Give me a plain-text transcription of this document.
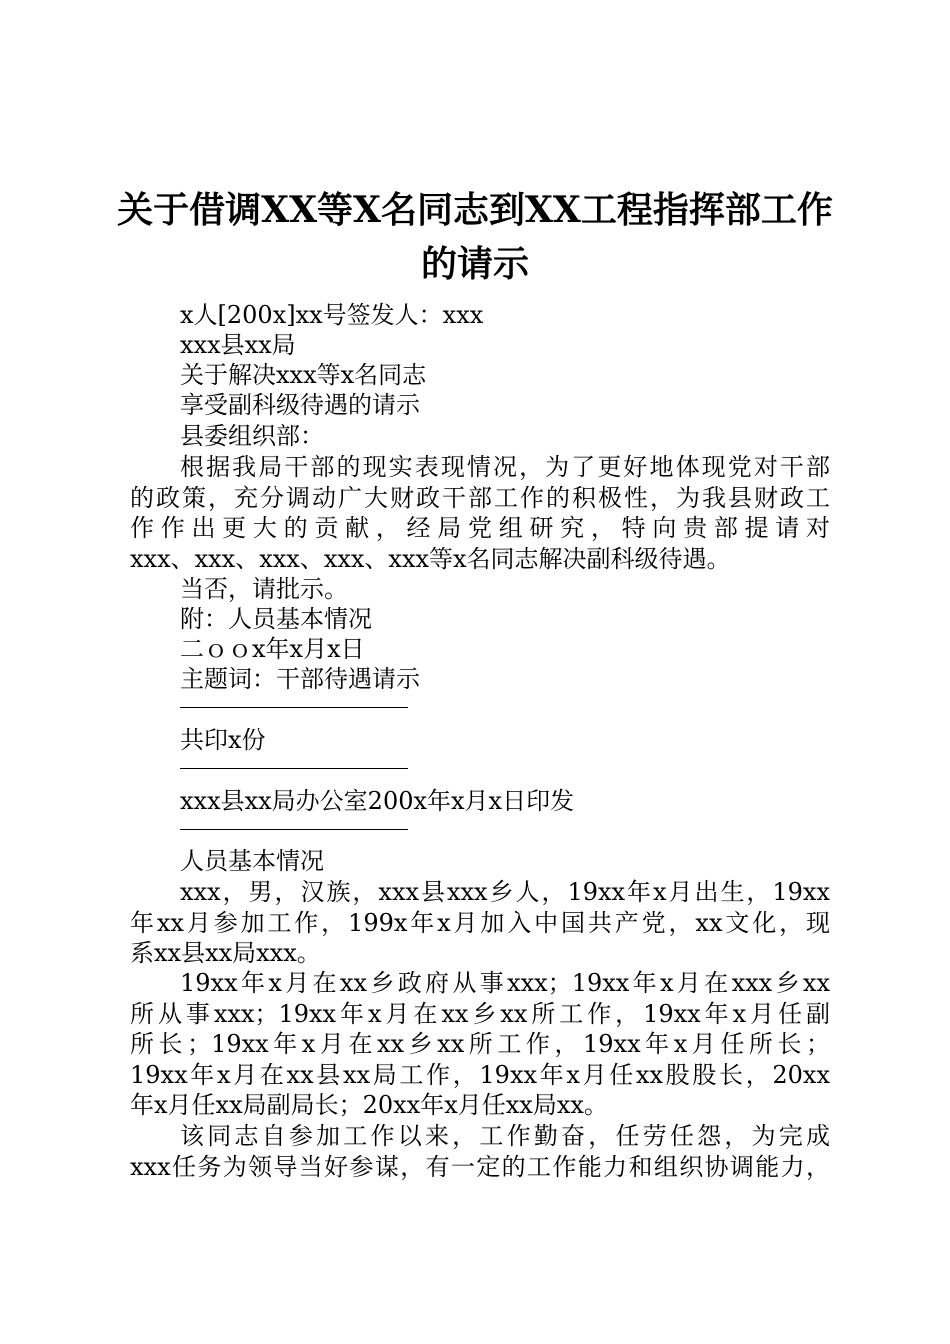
关于借调XX等X名同志到XX工程指挥部工作
的请示
x人[200x]xx号签发人：xxx
xxx县xx局
关于解决xxx等x名同志
享受副科级待遇的请示
县委组织部：
根据我局干部的现实表现情况，为了更好地体现党对干部
的政策，充分调动广大财政干部工作的积极性，为我县财政工
作作出更大的贡献，经局党组研究，特向贵部提请对
xxx、xxx、xxx、xxx、xxx等x名同志解决副科级待遇。
当否，请批示。
附：人员基本情况
二ｏｏx年x月x日
主题词：干部待遇请示
共印x份
xxx县xx局办公室200x年x月x日印发
人员基本情况
xxx，男，汉族，xxx县xxx乡人，19xx年x月出生，19xx
年xx月参加工作，199x年x月加入中国共产党，xx文化，现
系xx县xx局xxx。
19xx年x月在xx乡政府从事xxx；19xx年x月在xxx乡xx
所从事xxx；19xx年x月在xx乡xx所工作，19xx年x月任副
所长；19xx年x月在xx乡xx所工作，19xx年x月任所长；
19xx年x月在xx县xx局工作，19xx年x月任xx股股长，20xx
年x月任xx局副局长；20xx年x月任xx局xx。
该同志自参加工作以来，工作勤奋，任劳任怨，为完成
xxx任务为领导当好参谋，有一定的工作能力和组织协调能力，
